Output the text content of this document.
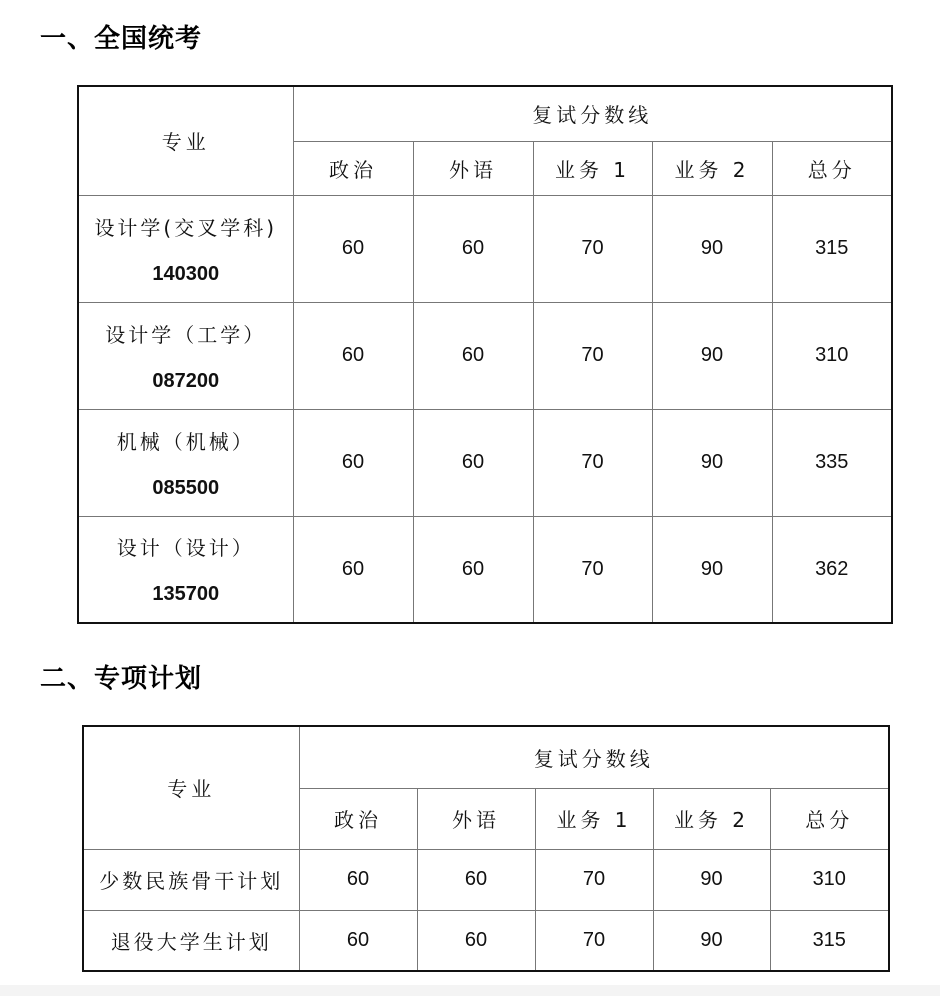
一、全国统考
专业	复试分数线				
	政治	外语	业务 1	业务 2	总分

设计学(交叉学科)
140300	60	60	70	90	315

设计学（工学）
087200	60	60	70	90	310

机械（机械）
085500	60	60	70	90	335

设计（设计）
135700	60	60	70	90	362
二、专项计划
专业	复试分数线				
	政治	外语	业务 1	业务 2	总分

少数民族骨干计划	60	60	70	90	310

退役大学生计划	60	60	70	90	315
